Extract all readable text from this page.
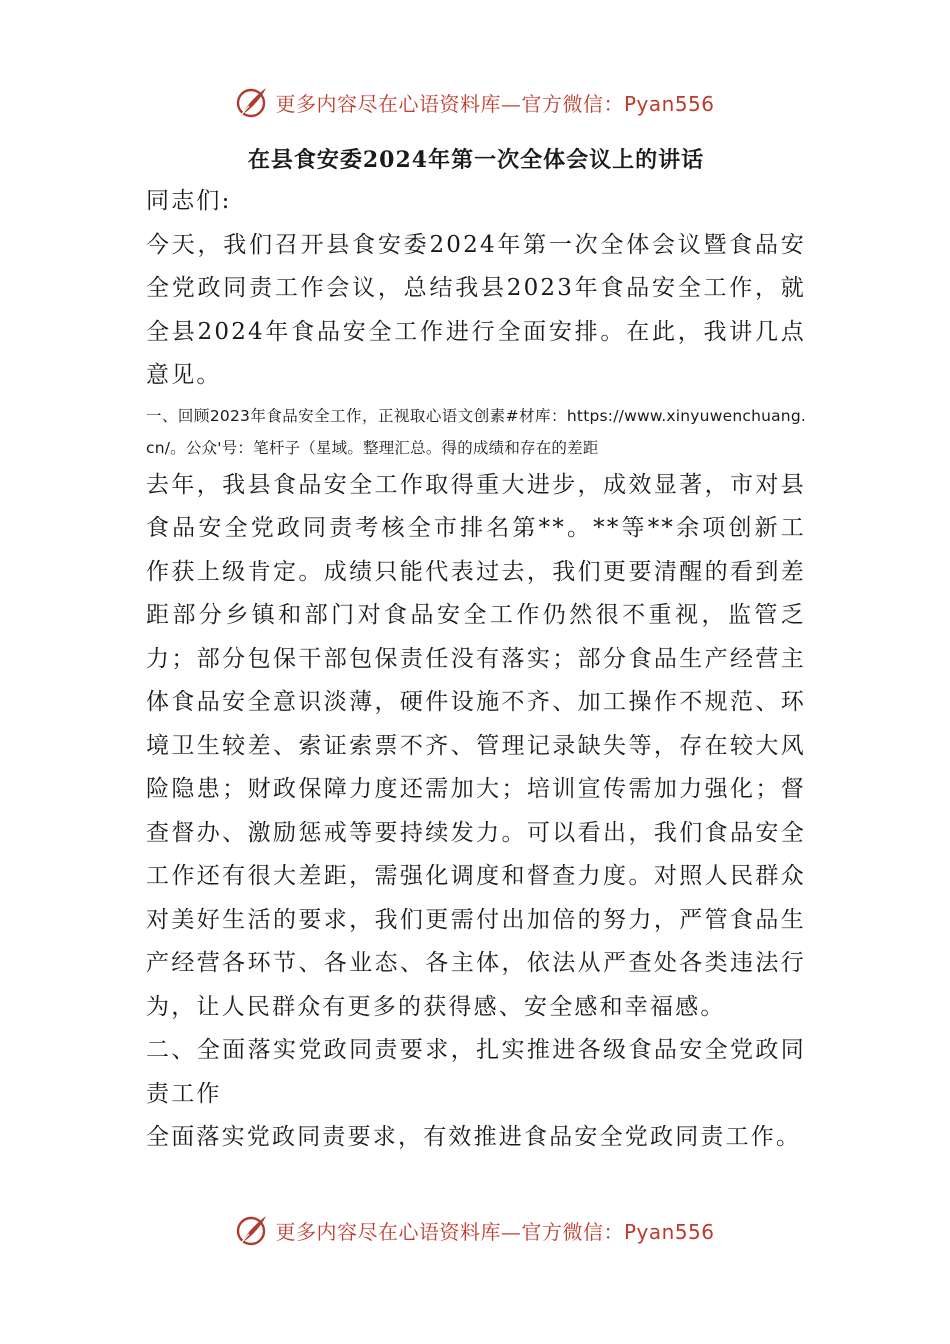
更多内容尽在心语资料库—官方微信：Pyan556
在县食安委2024年第一次全体会议上的讲话

同志们:

今天，我们召开县食安委2024年第一次全体会议暨食品安全党政同责工作会议，总结我县2023年食品安全工作，就全县2024年食品安全工作进行全面安排。在此，我讲几点意见。

一、回顾2023年食品安全工作，正视取心语文创素#材库：https://www.xinyuwenchuang.cn/。公众'号：笔杆子（星域。整理汇总。得的成绩和存在的差距

去年，我县食品安全工作取得重大进步，成效显著，市对县食品安全党政同责考核全市排名第**。**等**余项创新工作获上级肯定。成绩只能代表过去，我们更要清醒的看到差距部分乡镇和部门对食品安全工作仍然很不重视，监管乏力；部分包保干部包保责任没有落实；部分食品生产经营主体食品安全意识淡薄，硬件设施不齐、加工操作不规范、环境卫生较差、索证索票不齐、管理记录缺失等，存在较大风险隐患；财政保障力度还需加大；培训宣传需加力强化；督查督办、激励惩戒等要持续发力。可以看出，我们食品安全工作还有很大差距，需强化调度和督查力度。对照人民群众对美好生活的要求，我们更需付出加倍的努力，严管食品生产经营各环节、各业态、各主体，依法从严查处各类违法行为，让人民群众有更多的获得感、安全感和幸福感。

二、全面落实党政同责要求，扎实推进各级食品安全党政同责工作

全面落实党政同责要求，有效推进食品安全党政同责工作。

更多内容尽在心语资料库—官方微信：Pyan556
